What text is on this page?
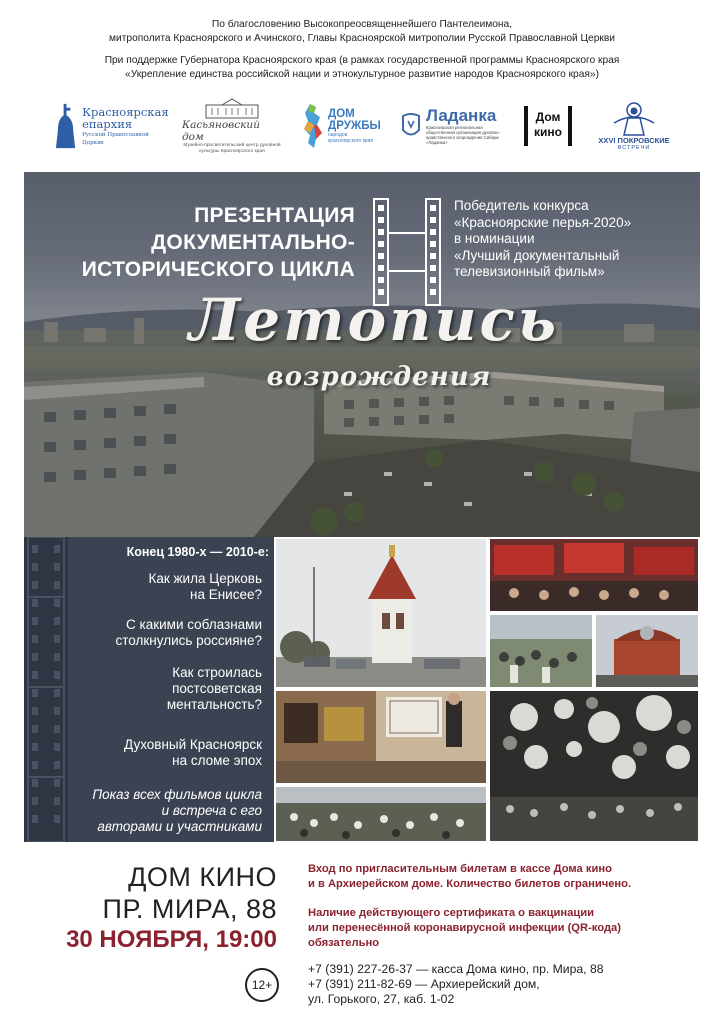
По благословению Высокопреосвященнейшего Пантелеимона,
митрополита Красноярского и Ачинского, Главы Красноярской митрополии Русской Православной Церкви
При поддержке Губернатора Красноярского края (в рамках государственной программы Красноярского края
«Укрепление единства российской нации и этнокультурное развитие народов Красноярского края»)
Красноярская
епархия
Русской Православной Церкви
Касьяновский дом
Музейно-просветительский центр духовной культуры Красноярского края
ДОМ
ДРУЖБЫ
народов красноярского края
Ладанка
Красноярская региональная общественная организация духовно-нравственного возрождения Сибири «Ладанка»
Дом
кино
XXVI ПОКРОВСКИЕ
ВСТРЕЧИ
ПРЕЗЕНТАЦИЯ
ДОКУМЕНТАЛЬНО-
ИСТОРИЧЕСКОГО ЦИКЛА
Победитель конкурса
«Красноярские перья-2020»
в номинации
«Лучший документальный
телевизионный фильм»
Летопись
возрождения
Конец 1980-х — 2010-е:
Как жила Церковь
на Енисее?
С какими соблазнами
столкнулись россияне?
Как строилась
постсоветская
ментальность?
Духовный Красноярск
на сломе эпох
Показ всех фильмов цикла
и встреча с его
авторами и участниками
ДОМ КИНО
ПР. МИРА, 88
30 НОЯБРЯ, 19:00
12+
Вход по пригласительным билетам в кассе Дома кино
и в Архиерейском доме. Количество билетов ограничено.
Наличие действующего сертификата о вакцинации
или перенесённой коронавирусной инфекции (QR-кода)
обязательно
+7 (391) 227-26-37 — касса Дома кино, пр. Мира, 88
+7 (391) 211-82-69 — Архиерейский дом,
ул. Горького, 27, каб. 1-02
